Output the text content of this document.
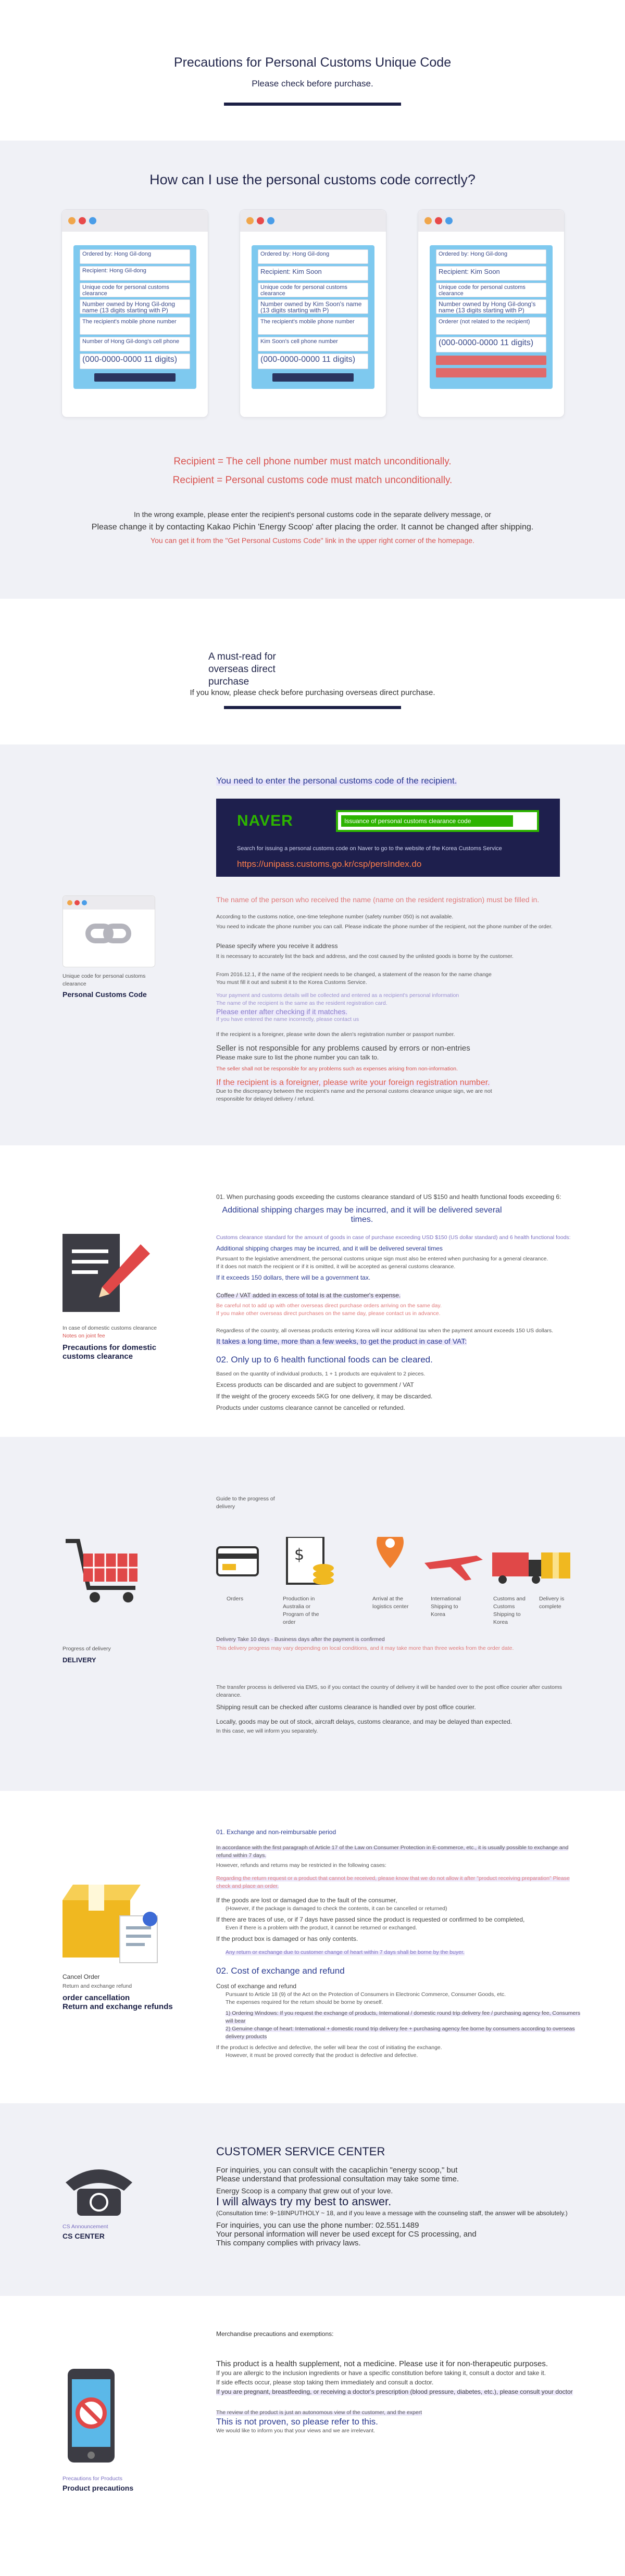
Precautions for Personal Customs Unique Code
Please check before purchase.
How can I use the personal customs code correctly?
Ordered by: Hong Gil-dong
Recipient: Hong Gil-dong
Unique code for personal customs clearance
Number owned by Hong Gil-dong name (13 digits starting with P)
The recipient's mobile phone number
Number of Hong Gil-dong's cell phone
(000-0000-0000 11 digits)
Ordered by: Hong Gil-dong
Recipient: Kim Soon
Unique code for personal customs clearance
Number owned by Kim Soon's name (13 digits starting with P)
The recipient's mobile phone number
Kim Soon's cell phone number
(000-0000-0000 11 digits)
Ordered by: Hong Gil-dong
Recipient: Kim Soon
Unique code for personal customs clearance
Number owned by Hong Gil-dong's name (13 digits starting with P)
Orderer (not related to the recipient)
(000-0000-0000 11 digits)
Recipient = The cell phone number must match unconditionally.
Recipient = Personal customs code must match unconditionally.
In the wrong example, please enter the recipient's personal customs code in the separate delivery message, or
Please change it by contacting Kakao Pichin 'Energy Scoop' after placing the order. It cannot be changed after shipping.
You can get it from the "Get Personal Customs Code" link in the upper right corner of the homepage.
A must-read for overseas direct purchase
If you know, please check before purchasing overseas direct purchase.
Unique code for personal customs clearance
Personal Customs Code
You need to enter the personal customs code of the recipient.
NAVER	Issuance of personal customs clearance code
Search for issuing a personal customs code on Naver to go to the website of the Korea Customs Service
https://unipass.customs.go.kr/csp/persIndex.do
The name of the person who received the name (name on the resident registration) must be filled in.
According to the customs notice, one-time telephone number (safety number 050) is not available.
You need to indicate the phone number you can call. Please indicate the phone number of the recipient, not the phone number of the order.
Please specify where you receive it address
It is necessary to accurately list the back and address, and the cost caused by the unlisted goods is borne by the customer.
From 2016.12.1, if the name of the recipient needs to be changed, a statement of the reason for the name change
You must fill it out and submit it to the Korea Customs Service.
Your payment and customs details will be collected and entered as a recipient's personal information
The name of the recipient is the same as the resident registration card.
Please enter after checking if it matches.
If you have entered the name incorrectly, please contact us
If the recipient is a foreigner, please write down the alien's registration number or passport number.
Seller is not responsible for any problems caused by errors or non-entries
Please make sure to list the phone number you can talk to.
The seller shall not be responsible for any problems such as expenses arising from non-information.
If the recipient is a foreigner, please write your foreign registration number.
Due to the discrepancy between the recipient's name and the personal customs clearance unique sign, we are not responsible for delayed delivery / refund.
In case of domestic customs clearance
Notes on joint fee
Precautions for domestic customs clearance
01. When purchasing goods exceeding the customs clearance standard of US $150 and health functional foods exceeding 6:
Additional shipping charges may be incurred, and it will be delivered several times.
Customs clearance standard for the amount of goods in case of purchase exceeding USD $150 (US dollar standard) and 6 health functional foods:
Additional shipping charges may be incurred, and it will be delivered several times
Pursuant to the legislative amendment, the personal customs unique sign must also be entered when purchasing for a general clearance.
If it does not match the recipient or if it is omitted, it will be accepted as general customs clearance.
If it exceeds 150 dollars, there will be a government tax.
Coffee / VAT added in excess of total is at the customer's expense.
Be careful not to add up with other overseas direct purchase orders arriving on the same day.
If you make other overseas direct purchases on the same day, please contact us in advance.
Regardless of the country, all overseas products entering Korea will incur additional tax when the payment amount exceeds 150 US dollars.
It takes a long time, more than a few weeks, to get the product in case of VAT:
02. Only up to 6 health functional foods can be cleared.
Based on the quantity of individual products, 1 + 1 products are equivalent to 2 pieces.
Excess products can be discarded and are subject to government / VAT
If the weight of the grocery exceeds 5KG for one delivery, it may be discarded.
Products under customs clearance cannot be cancelled or refunded.
Progress of delivery
DELIVERY
Guide to the progress of delivery
$
Orders	Production in Australia or Program of the order
Arrival at the logistics center
International Shipping to Korea
Customs and Customs Shipping to Korea
Delivery is complete
Delivery Take 10 days · Business days after the payment is confirmed
This delivery progress may vary depending on local conditions, and it may take more than three weeks from the order date.
The transfer process is delivered via EMS, so if you contact the country of delivery it will be handed over to the post office courier after customs clearance.
Shipping result can be checked after customs clearance is handled over by post office courier.
Locally, goods may be out of stock, aircraft delays, customs clearance, and may be delayed than expected.
In this case, we will inform you separately.
Cancel Order
Return and exchange refund
order cancellation
Return and exchange refunds
01. Exchange and non-reimbursable period
In accordance with the first paragraph of Article 17 of the Law on Consumer Protection in E-commerce, etc., it is usually possible to exchange and refund within 7 days.
However, refunds and returns may be restricted in the following cases:
Regarding the return request or a product that cannot be received, please know that we do not allow it after "product receiving preparation" Please check and place an order.
If the goods are lost or damaged due to the fault of the consumer,
(However, if the package is damaged to check the contents, it can be cancelled or returned)
If there are traces of use, or if 7 days have passed since the product is requested or confirmed to be completed,
Even if there is a problem with the product, it cannot be returned or exchanged.
If the product box is damaged or has only contents.
Any return or exchange due to customer change of heart within 7 days shall be borne by the buyer.
02. Cost of exchange and refund
Cost of exchange and refund
Pursuant to Article 18 (9) of the Act on the Protection of Consumers in Electronic Commerce, Consumer Goods, etc.
The expenses required for the return should be borne by oneself.
1) Ordering Windows: If you request the exchange of products, International / domestic round trip delivery fee / purchasing agency fee, Consumers will bear
2) Genuine change of heart: International + domestic round trip delivery fee + purchasing agency fee borne by consumers according to overseas delivery products
If the product is defective and defective, the seller will bear the cost of initiating the exchange.
However, it must be proved correctly that the product is defective and defective.
CS Announcement
CS CENTER
CUSTOMER SERVICE CENTER
For inquiries, you can consult with the cacaplichin "energy scoop," but
Please understand that professional consultation may take some time.
Energy Scoop is a company that grew out of your love.
I will always try my best to answer.
(Consultation time: 9~18INPUTHOLY ~ 18, and if you leave a message with the counseling staff, the answer will be absolutely.)
For inquiries, you can use the phone number: 02.551.1489
Your personal information will never be used except for CS processing, and
This company complies with privacy laws.
Precautions for Products
Product precautions
Merchandise precautions and exemptions:
This product is a health supplement, not a medicine. Please use it for non-therapeutic purposes.
If you are allergic to the inclusion ingredients or have a specific constitution before taking it, consult a doctor and take it.
If side effects occur, please stop taking them immediately and consult a doctor.
If you are pregnant, breastfeeding, or receiving a doctor's prescription (blood pressure, diabetes, etc.), please consult your doctor
The review of the product is just an autonomous view of the customer, and the expert
This is not proven, so please refer to this.
We would like to inform you that your views and we are irrelevant.
